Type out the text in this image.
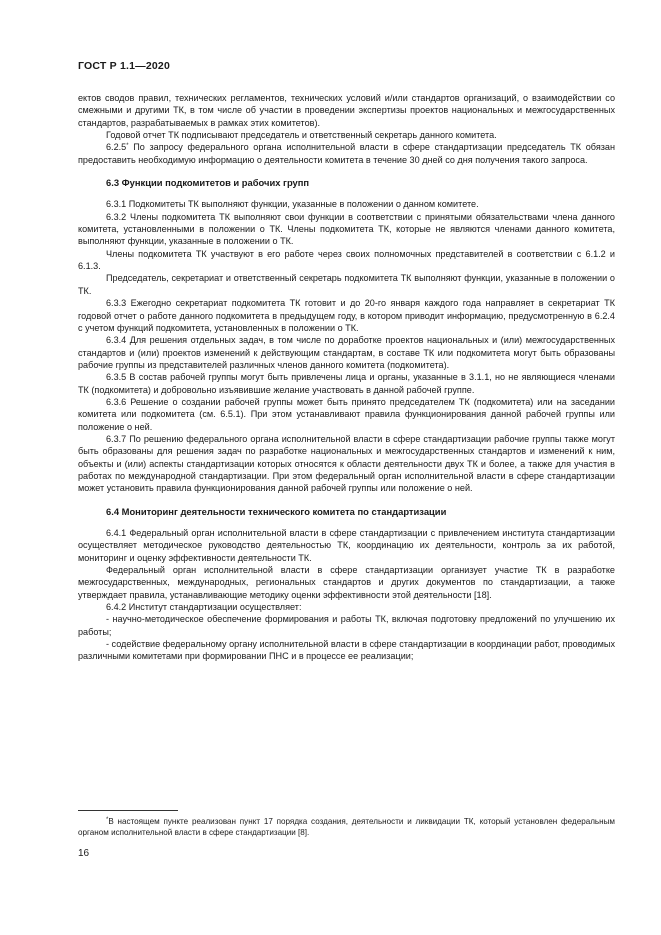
ГОСТ Р 1.1—2020

ектов сводов правил, технических регламентов, технических условий и/или стандартов организаций, о взаимодействии со смежными и другими ТК, в том числе об участии в проведении экспертизы проектов национальных и межгосударственных стандартов, разрабатываемых в рамках этих комитетов).

Годовой отчет ТК подписывают председатель и ответственный секретарь данного комитета.

6.2.5* По запросу федерального органа исполнительной власти в сфере стандартизации председатель ТК обязан предоставить необходимую информацию о деятельности комитета в течение 30 дней со дня получения такого запроса.

6.3 Функции подкомитетов и рабочих групп

6.3.1 Подкомитеты ТК выполняют функции, указанные в положении о данном комитете.

6.3.2 Члены подкомитета ТК выполняют свои функции в соответствии с принятыми обязательствами члена данного комитета, установленными в положении о ТК. Члены подкомитета ТК, которые не являются членами данного комитета, выполняют функции, указанные в положении о ТК.

Члены подкомитета ТК участвуют в его работе через своих полномочных представителей в соответствии с 6.1.2 и 6.1.3.

Председатель, секретариат и ответственный секретарь подкомитета ТК выполняют функции, указанные в положении о ТК.

6.3.3 Ежегодно секретариат подкомитета ТК готовит и до 20-го января каждого года направляет в секретариат ТК годовой отчет о работе данного подкомитета в предыдущем году, в котором приводит информацию, предусмотренную в 6.2.4 с учетом функций подкомитета, установленных в положении о ТК.

6.3.4 Для решения отдельных задач, в том числе по доработке проектов национальных и (или) межгосударственных стандартов и (или) проектов изменений к действующим стандартам, в составе ТК или подкомитета могут быть образованы рабочие группы из представителей различных членов данного комитета (подкомитета).

6.3.5 В состав рабочей группы могут быть привлечены лица и органы, указанные в 3.1.1, но не являющиеся членами ТК (подкомитета) и добровольно изъявившие желание участвовать в данной рабочей группе.

6.3.6 Решение о создании рабочей группы может быть принято председателем ТК (подкомитета) или на заседании комитета или подкомитета (см. 6.5.1). При этом устанавливают правила функционирования данной рабочей группы или положение о ней.

6.3.7 По решению федерального органа исполнительной власти в сфере стандартизации рабочие группы также могут быть образованы для решения задач по разработке национальных и межгосударственных стандартов и изменений к ним, объекты и (или) аспекты стандартизации которых относятся к области деятельности двух ТК и более, а также для участия в работах по международной стандартизации. При этом федеральный орган исполнительной власти в сфере стандартизации может установить правила функционирования данной рабочей группы или положение о ней.

6.4 Мониторинг деятельности технического комитета по стандартизации

6.4.1 Федеральный орган исполнительной власти в сфере стандартизации с привлечением института стандартизации осуществляет методическое руководство деятельностью ТК, координацию их деятельности, контроль за их работой, мониторинг и оценку эффективности деятельности ТК.

Федеральный орган исполнительной власти в сфере стандартизации организует участие ТК в разработке межгосударственных, международных, региональных стандартов и других документов по стандартизации, а также утверждает правила, устанавливающие методику оценки эффективности этой деятельности [18].

6.4.2 Институт стандартизации осуществляет:

- научно-методическое обеспечение формирования и работы ТК, включая подготовку предложений по улучшению их работы;

- содействие федеральному органу исполнительной власти в сфере стандартизации в координации работ, проводимых различными комитетами при формировании ПНС и в процессе ее реализации;

*В настоящем пункте реализован пункт 17 порядка создания, деятельности и ликвидации ТК, который установлен федеральным органом исполнительной власти в сфере стандартизации [8].
16
